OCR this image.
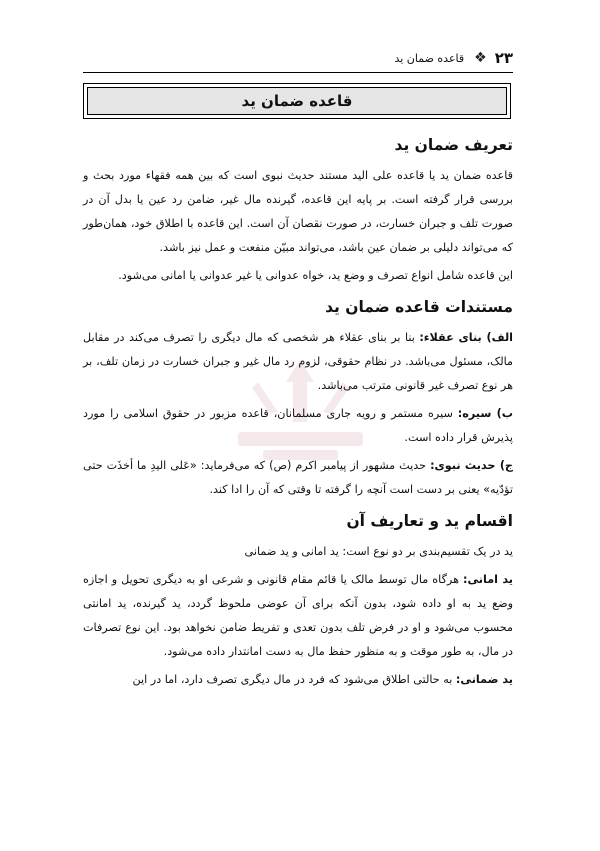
۲۳
❖
قاعده ضمان ید
قاعده ضمان ید
تعریف ضمان ید

قاعده ضمان ید یا قاعده علی الید مستند حدیث نبوی است که بین همه فقهاء مورد بحث و بررسی قرار گرفته است. بر پایه این قاعده، گیرنده مال غیر، ضامن رد عین یا بدل آن در صورت تلف و جبران خسارت، در صورت نقصان آن است. این قاعده با اطلاق خود، همان‌طور که می‌تواند دلیلی بر ضمان عین باشد، می‌تواند مبیّن منفعت و عمل نیز باشد.

این قاعده شامل انواع تصرف و وضع ید، خواه عدوانی یا غیر عدوانی یا امانی می‌شود.

مستندات قاعده ضمان ید

الف) بنای عقلاء: بنا بر بنای عقلاء هر شخصی که مال دیگری را تصرف می‌کند در مقابل مالک، مسئول می‌باشد. در نظام حقوقی، لزوم رد مال غیر و جبران خسارت در زمان تلف، بر هر نوع تصرف غیر قانونی مترتب می‌باشد.

ب) سیره: سیره مستمر و رویه جاری مسلمانان، قاعده مزبور در حقوق اسلامی را مورد پذیرش قرار داده است.

ج) حدیث نبوی: حدیث مشهور از پیامبر اکرم (ص) که می‌فرماید: «عَلی الیدِ ما أخذَت حتی تؤدّیه» یعنی بر دست است آنچه را گرفته تا وقتی که آن را ادا کند.

اقسام ید و تعاریف آن

ید در یک تقسیم‌بندی بر دو نوع است: ید امانی و ید ضمانی

ید امانی: هرگاه مال توسط مالک یا قائم مقام قانونی و شرعی او به دیگری تحویل و اجازه وضع ید به او داده شود، بدون آنکه برای آن عوضی ملحوظ گردد، ید گیرنده، ید امانتی محسوب می‌شود و او در فرض تلف بدون تعدی و تفریط ضامن نخواهد بود. این نوع تصرفات در مال، به طور موقت و به منظور حفظ مال به دست امانتدار داده می‌شود.

ید ضمانی: به حالتی اطلاق می‌شود که فرد در مال دیگری تصرف دارد، اما در این
